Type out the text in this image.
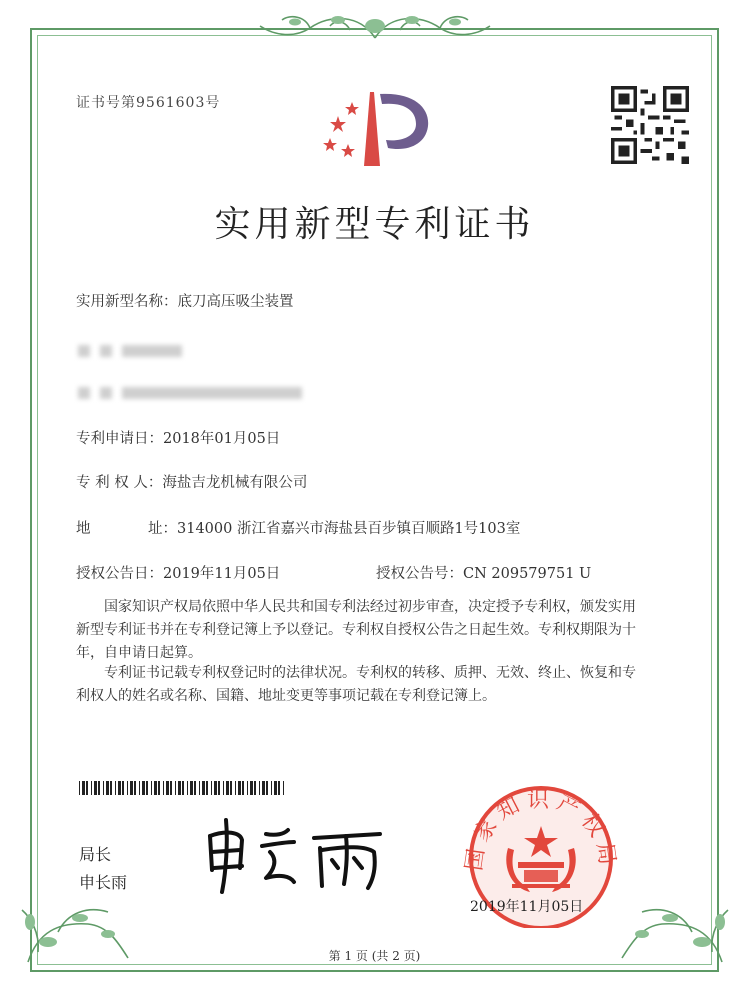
证书号第9561603号
实用新型专利证书
实用新型名称：底刀高压吸尘装置
专利申请日：2018年01月05日
专 利 权 人：海盐吉龙机械有限公司
地	址：314000 浙江省嘉兴市海盐县百步镇百顺路1号103室
授权公告日：2019年11月05日	授权公告号：CN 209579751 U
国家知识产权局依照中华人民共和国专利法经过初步审查，决定授予专利权，颁发实用
新型专利证书并在专利登记簿上予以登记。专利权自授权公告之日起生效。专利权期限为十
年，自申请日起算。
专利证书记载专利权登记时的法律状况。专利权的转移、质押、无效、终止、恢复和专
利权人的姓名或名称、国籍、地址变更等事项记载在专利登记簿上。
局长
申长雨
国家知识产权局
2019年11月05日
第 1 页 (共 2 页)
